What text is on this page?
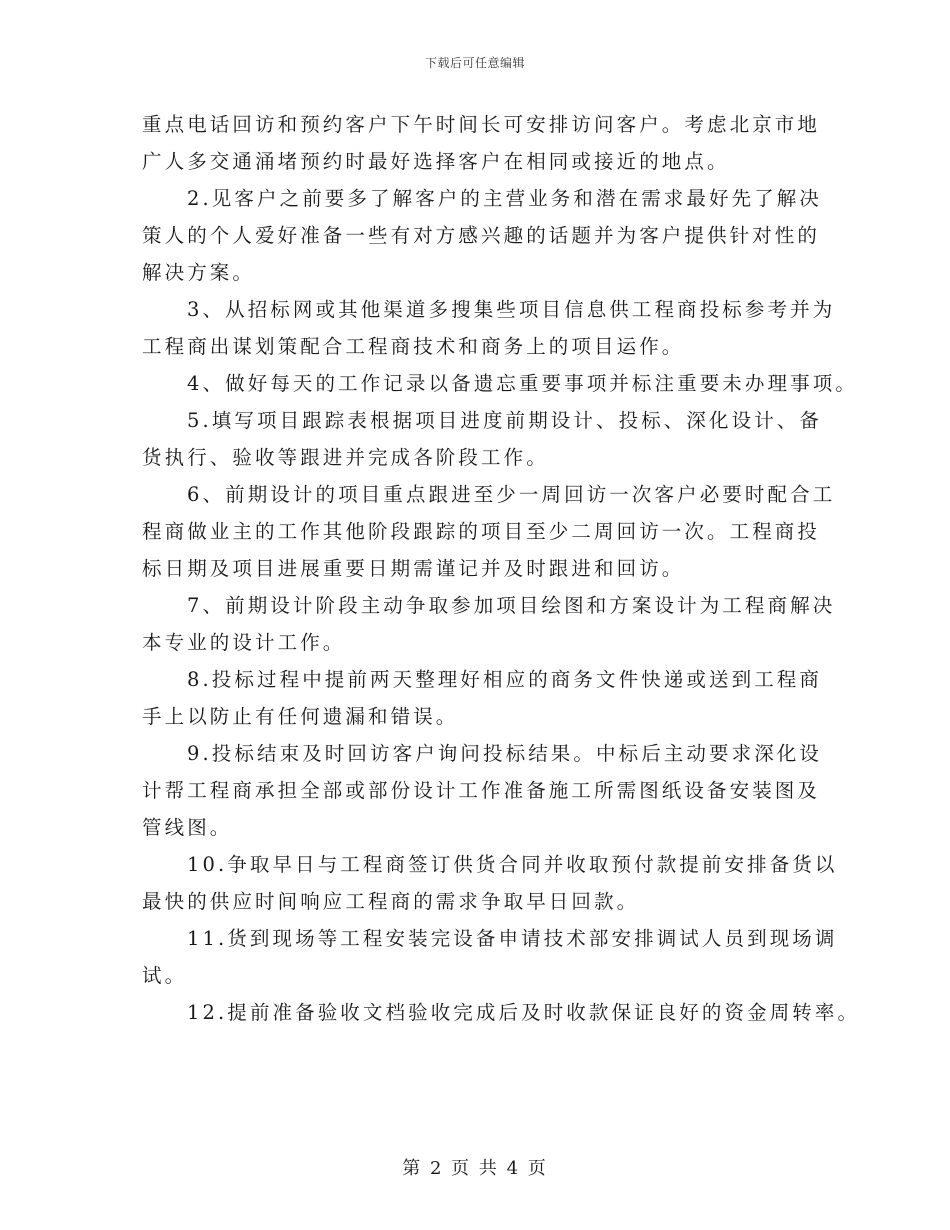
下载后可任意编辑

重点电话回访和预约客户下午时间长可安排访问客户。考虑北京市地
广人多交通涌堵预约时最好选择客户在相同或接近的地点。

2.见客户之前要多了解客户的主营业务和潜在需求最好先了解决
策人的个人爱好准备一些有对方感兴趣的话题并为客户提供针对性的
解决方案。

3、从招标网或其他渠道多搜集些项目信息供工程商投标参考并为
工程商出谋划策配合工程商技术和商务上的项目运作。

4、做好每天的工作记录以备遗忘重要事项并标注重要未办理事项。

5.填写项目跟踪表根据项目进度前期设计、投标、深化设计、备
货执行、验收等跟进并完成各阶段工作。

6、前期设计的项目重点跟进至少一周回访一次客户必要时配合工
程商做业主的工作其他阶段跟踪的项目至少二周回访一次。工程商投
标日期及项目进展重要日期需谨记并及时跟进和回访。

7、前期设计阶段主动争取参加项目绘图和方案设计为工程商解决
本专业的设计工作。

8.投标过程中提前两天整理好相应的商务文件快递或送到工程商
手上以防止有任何遗漏和错误。

9.投标结束及时回访客户询问投标结果。中标后主动要求深化设
计帮工程商承担全部或部份设计工作准备施工所需图纸设备安装图及
管线图。

10.争取早日与工程商签订供货合同并收取预付款提前安排备货以
最快的供应时间响应工程商的需求争取早日回款。

11.货到现场等工程安装完设备申请技术部安排调试人员到现场调
试。

12.提前准备验收文档验收完成后及时收款保证良好的资金周转率。

第 2 页 共 4 页
